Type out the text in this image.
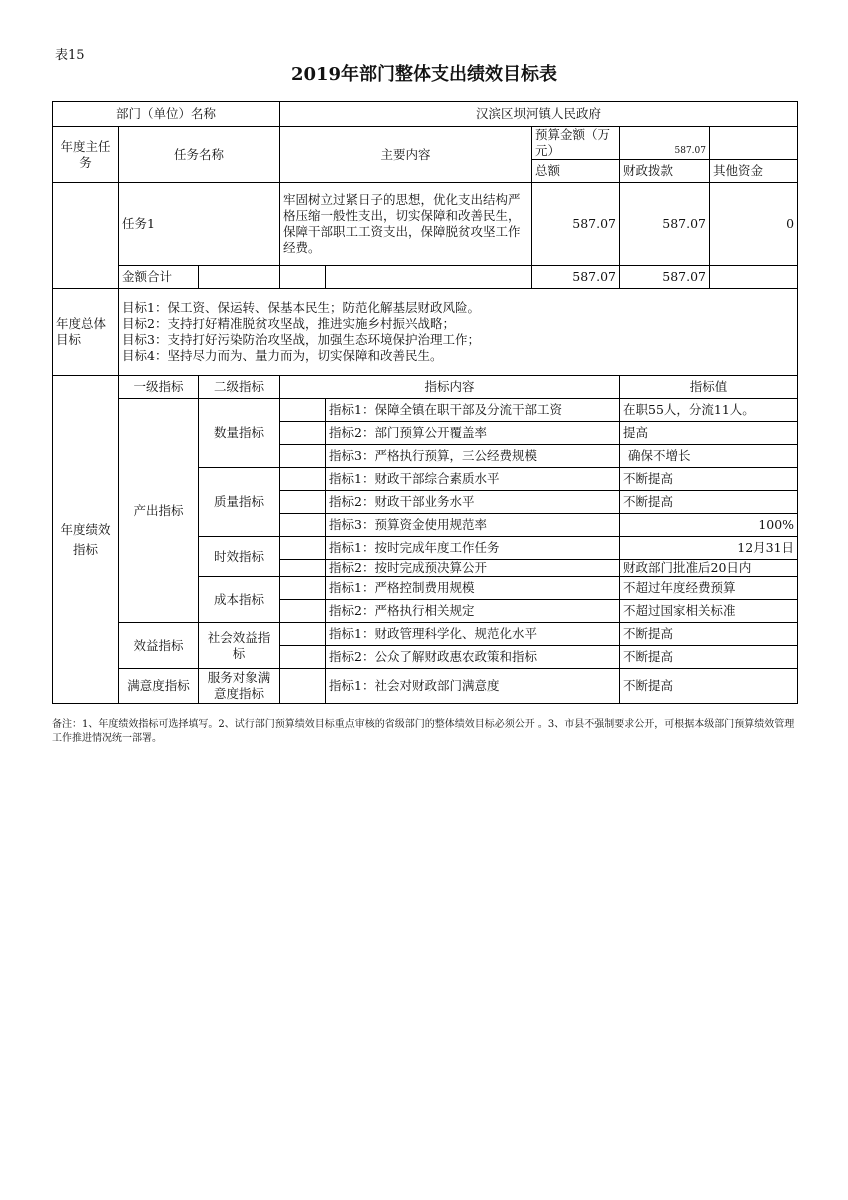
表15
2019年部门整体支出绩效目标表
部门（单位）名称			汉滨区坝河镇人民政府				
年度主任务	任务名称		主要内容		预算金额（万元）	587.07	
					总额	财政拨款	其他资金
	任务1		牢固树立过紧日子的思想，优化支出结构严格压缩一般性支出，切实保障和改善民生，保障干部职工工资支出，保障脱贫攻坚工作经费。		587.07	587.07	0
	金额合计				587.07	587.07	
年度总体目标	目标1：保工资、保运转、保基本民生；防范化解基层财政风险。
目标2：支持打好精准脱贫攻坚战，推进实施乡村振兴战略；
目标3：支持打好污染防治攻坚战，加强生态环境保护治理工作；
目标4：坚持尽力而为、量力而为，切实保障和改善民生。						

年度绩效指标	一级指标	二级指标	指标内容			指标值	
	产出指标	数量指标		指标1：保障全镇在职干部及分流干部工资		在职55人，分流11人。	
				指标2：部门预算公开覆盖率		提高	
				指标3：严格执行预算，三公经费规模		确保不增长	
		质量指标		指标1：财政干部综合素质水平		不断提高	
				指标2：财政干部业务水平		不断提高	
				指标3：预算资金使用规范率		100%	
		时效指标		指标1：按时完成年度工作任务		12月31日	
				指标2：按时完成预决算公开		财政部门批准后20日内	
		成本指标		指标1：严格控制费用规模		不超过年度经费预算	
				指标2：严格执行相关规定		不超过国家相关标准	
	效益指标	社会效益指标		指标1：财政管理科学化、规范化水平		不断提高	
				指标2：公众了解财政惠农政策和指标		不断提高	
	满意度指标	服务对象满意度指标		指标1：社会对财政部门满意度		不断提高	
备注：1、年度绩效指标可选择填写。2、试行部门预算绩效目标重点审核的省级部门的整体绩效目标必须公开 。3、市县不强制要求公开，可根据本级部门预算绩效管理工作推进情况统一部署。
